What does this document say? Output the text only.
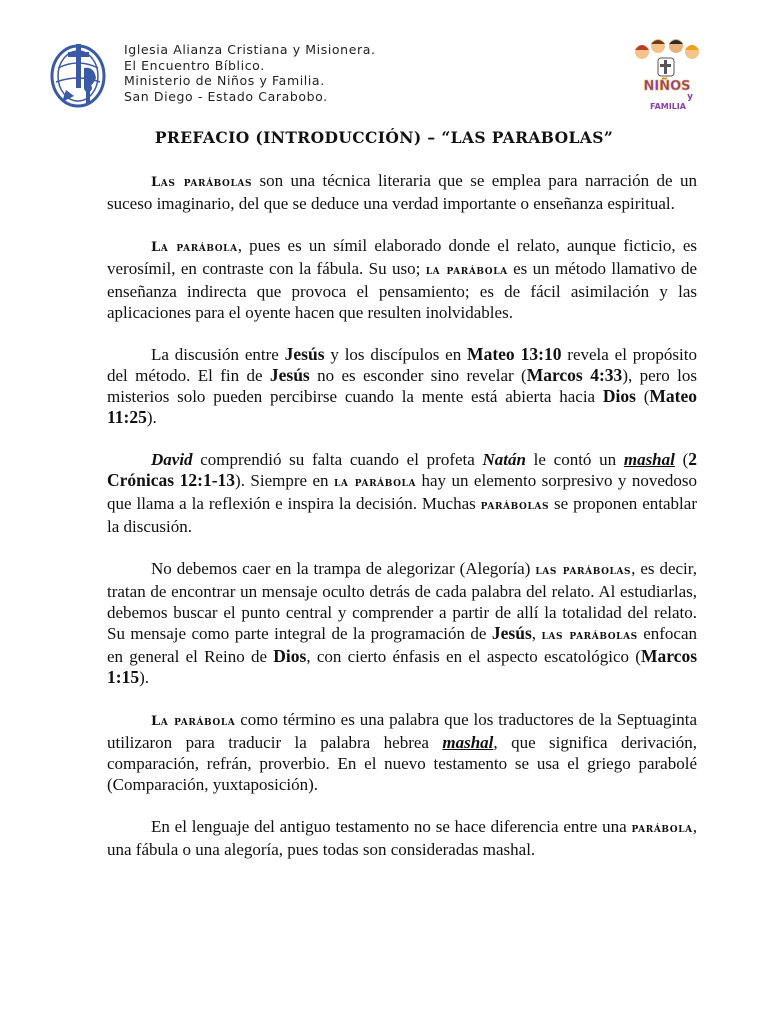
Iglesia Alianza Cristiana y Misionera.
El Encuentro Bíblico.
Ministerio de Niños y Familia.
San Diego - Estado Carabobo.
NIÑOS
y
FAMILIA
PREFACIO (INTRODUCCIÓN) – “LAS PARABOLAS”

Las parábolas son una técnica literaria que se emplea para narración de un suceso imaginario, del que se deduce una verdad importante o enseñanza espiritual.

La parábola, pues es un símil elaborado donde el relato, aunque ficticio, es verosímil, en contraste con la fábula. Su uso; la parábola es un método llamativo de enseñanza indirecta que provoca el pensamiento; es de fácil asimilación y las aplicaciones para el oyente hacen que resulten inolvidables.

La discusión entre Jesús y los discípulos en Mateo 13:10 revela el propósito del método. El fin de Jesús no es esconder sino revelar (Marcos 4:33), pero los misterios solo pueden percibirse cuando la mente está abierta hacia Dios (Mateo 11:25).

David comprendió su falta cuando el profeta Natán le contó un mashal (2 Crónicas 12:1-13). Siempre en la parábola hay un elemento sorpresivo y novedoso que llama a la reflexión e inspira la decisión. Muchas parábolas se proponen entablar la discusión.

No debemos caer en la trampa de alegorizar (Alegoría) las parábolas, es decir, tratan de encontrar un mensaje oculto detrás de cada palabra del relato. Al estudiarlas, debemos buscar el punto central y comprender a partir de allí la totalidad del relato. Su mensaje como parte integral de la programación de Jesús, las parábolas enfocan en general el Reino de Dios, con cierto énfasis en el aspecto escatológico (Marcos 1:15).

La parábola como término es una palabra que los traductores de la Septuaginta utilizaron para traducir la palabra hebrea mashal, que significa derivación, comparación, refrán, proverbio. En el nuevo testamento se usa el griego parabolé (Comparación, yuxtaposición).

En el lenguaje del antiguo testamento no se hace diferencia entre una parábola, una fábula o una alegoría, pues todas son consideradas mashal.
